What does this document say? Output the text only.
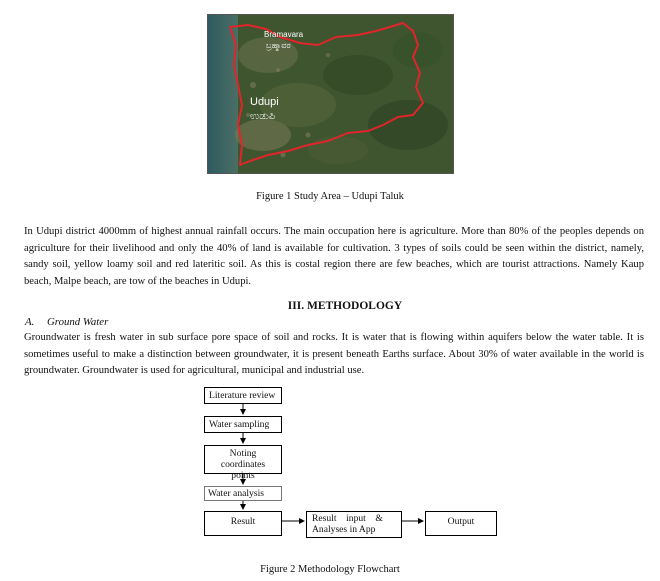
Bramavara
ಬ್ರಹ್ಮಾವರ
Udupi
ಉಡುಪಿ
Figure 1 Study Area – Udupi Taluk

In Udupi district 4000mm of highest annual rainfall occurs. The main occupation here is agriculture. More than 80% of the peoples depends on agriculture for their livelihood and only the 40% of land is available for cultivation. 3 types of soils could be seen within the district, namely, sandy soil, yellow loamy soil and red lateritic soil. As this is costal region there are few beaches, which are tourist attractions. Namely Kaup beach, Malpe beach, are tow of the beaches in Udupi.

III. METHODOLOGY
A. Ground Water

Groundwater is fresh water in sub surface pore space of soil and rocks. It is water that is flowing within aquifers below the water table. It is sometimes useful to make a distinction between groundwater, it is present beneath Earths surface. About 30% of water available in the world is groundwater. Groundwater is used for agricultural, municipal and industrial use.

Literature review
Water sampling
Noting coordinates points
Water analysis
Result	Result    input    &    Analyses in App
Output
Figure 2 Methodology Flowchart
